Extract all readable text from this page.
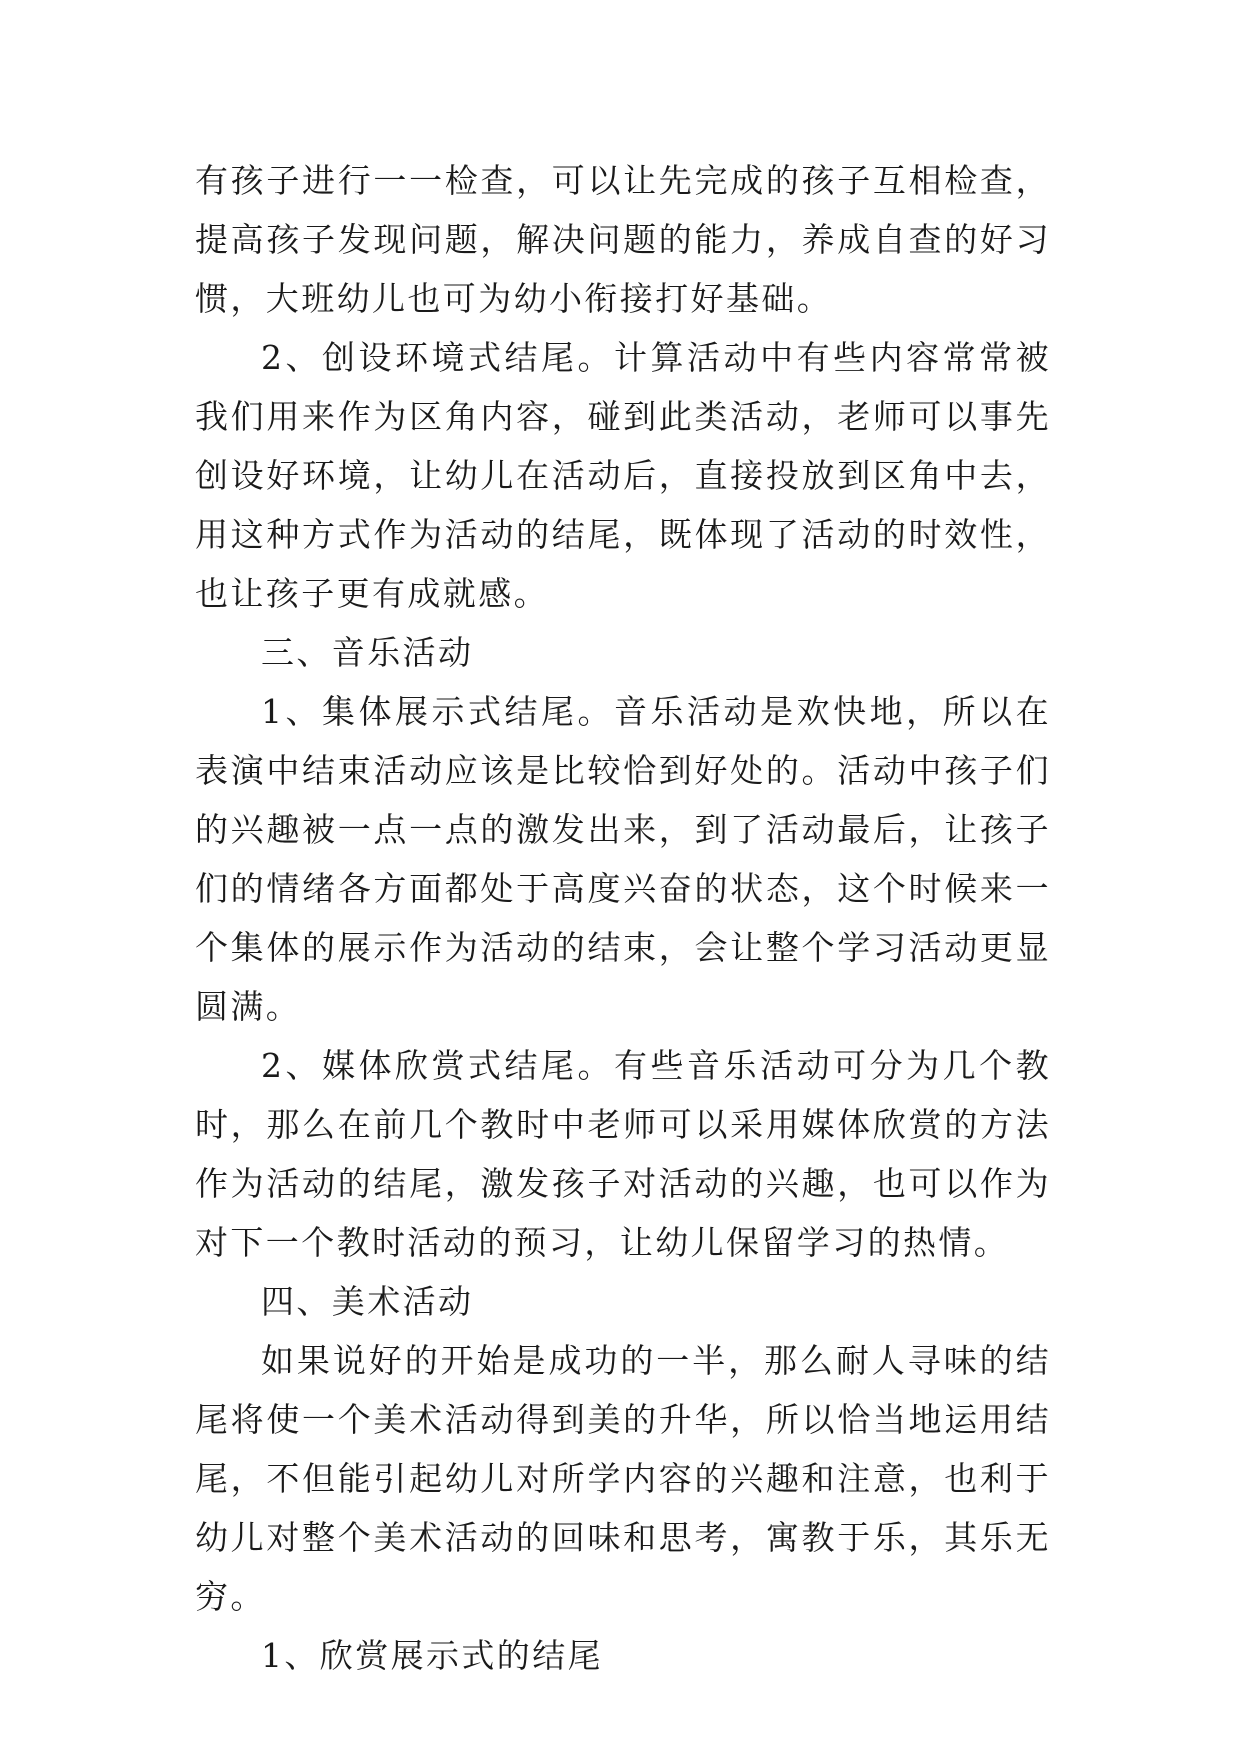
有孩子进行一一检查，可以让先完成的孩子互相检查，提高孩子发现问题，解决问题的能力，养成自查的好习惯，大班幼儿也可为幼小衔接打好基础。

2、创设环境式结尾。计算活动中有些内容常常被我们用来作为区角内容，碰到此类活动，老师可以事先创设好环境，让幼儿在活动后，直接投放到区角中去，用这种方式作为活动的结尾，既体现了活动的时效性，也让孩子更有成就感。

三、音乐活动

1、集体展示式结尾。音乐活动是欢快地，所以在表演中结束活动应该是比较恰到好处的。活动中孩子们的兴趣被一点一点的激发出来，到了活动最后，让孩子们的情绪各方面都处于高度兴奋的状态，这个时候来一个集体的展示作为活动的结束，会让整个学习活动更显圆满。

2、媒体欣赏式结尾。有些音乐活动可分为几个教时，那么在前几个教时中老师可以采用媒体欣赏的方法作为活动的结尾，激发孩子对活动的兴趣，也可以作为对下一个教时活动的预习，让幼儿保留学习的热情。

四、美术活动

如果说好的开始是成功的一半，那么耐人寻味的结尾将使一个美术活动得到美的升华，所以恰当地运用结尾，不但能引起幼儿对所学内容的兴趣和注意，也利于幼儿对整个美术活动的回味和思考，寓教于乐，其乐无穷。

1、欣赏展示式的结尾
